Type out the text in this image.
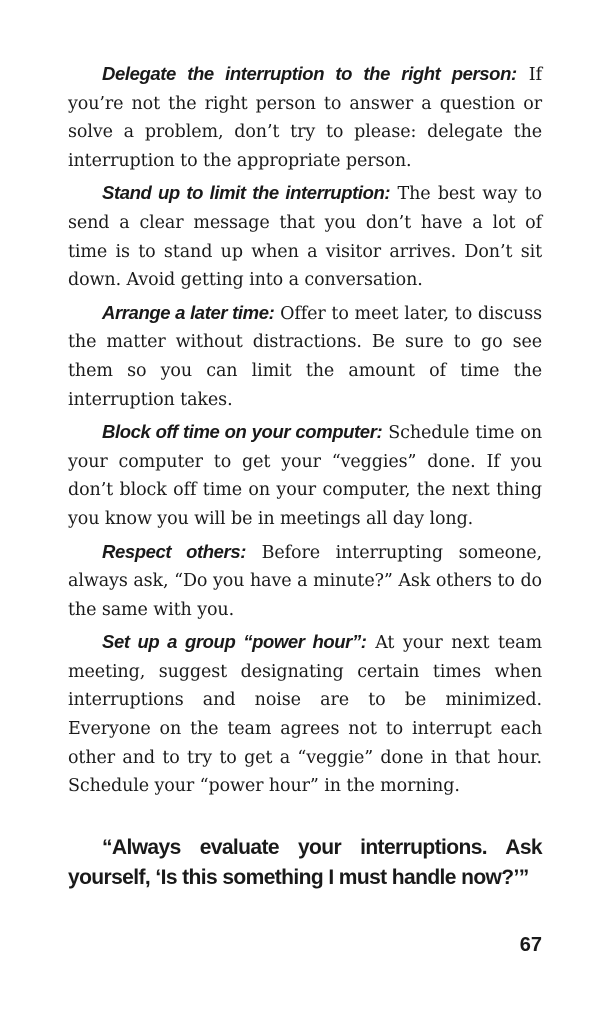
Delegate the interruption to the right person: If you’re not the right person to answer a question or solve a problem, don’t try to please: delegate the interruption to the appropriate person.

Stand up to limit the interruption: The best way to send a clear message that you don’t have a lot of time is to stand up when a visitor arrives. Don’t sit down. Avoid getting into a conversation.

Arrange a later time: Offer to meet later, to discuss the matter without distractions. Be sure to go see them so you can limit the amount of time the interruption takes.

Block off time on your computer: Schedule time on your computer to get your “veggies” done. If you don’t block off time on your computer, the next thing you know you will be in meetings all day long.

Respect others: Before interrupting someone, always ask, “Do you have a minute?” Ask others to do the same with you.

Set up a group “power hour”: At your next team meeting, suggest designating certain times when interruptions and noise are to be minimized. Everyone on the team agrees not to interrupt each other and to try to get a “veggie” done in that hour. Schedule your “power hour” in the morning.

“Always evaluate your interruptions. Ask yourself, ‘Is this something I must handle now?’”

67
